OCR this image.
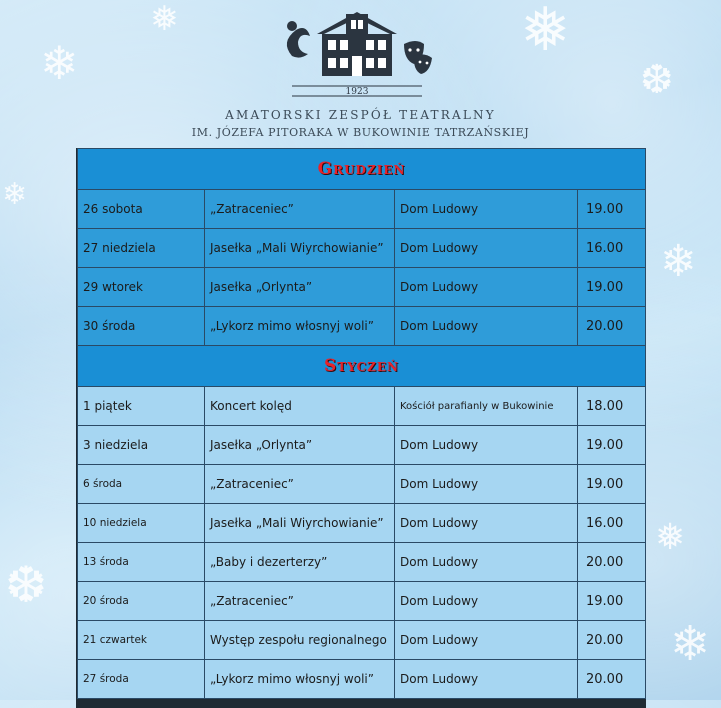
❄
❄
❅
❆
❄
❅
❆
❄
❅
1923
AMATORSKI ZESPÓŁ TEATRALNY
IM. JÓZEFA PITORAKA W BUKOWINIE TATRZAŃSKIEJ
Grudzień			
26 sobota	„Zatraceniec”	Dom Ludowy	19.00
27 niedziela	Jasełka „Mali Wiyrchowianie”	Dom Ludowy	16.00
29 wtorek	Jasełka „Orlynta”	Dom Ludowy	19.00
30 środa	„Lykorz mimo włosnyj woli”	Dom Ludowy	20.00
Styczeń			
1 piątek	Koncert kolęd	Kościół parafianly w Bukowinie	18.00
3 niedziela	Jasełka „Orlynta”	Dom Ludowy	19.00
6 środa	„Zatraceniec”	Dom Ludowy	19.00
10 niedziela	Jasełka „Mali Wiyrchowianie”	Dom Ludowy	16.00
13 środa	„Baby i dezerterzy”	Dom Ludowy	20.00
20 środa	„Zatraceniec”	Dom Ludowy	19.00
21 czwartek	Występ zespołu regionalnego	Dom Ludowy	20.00
27 środa	„Lykorz mimo włosnyj woli”	Dom Ludowy	20.00
